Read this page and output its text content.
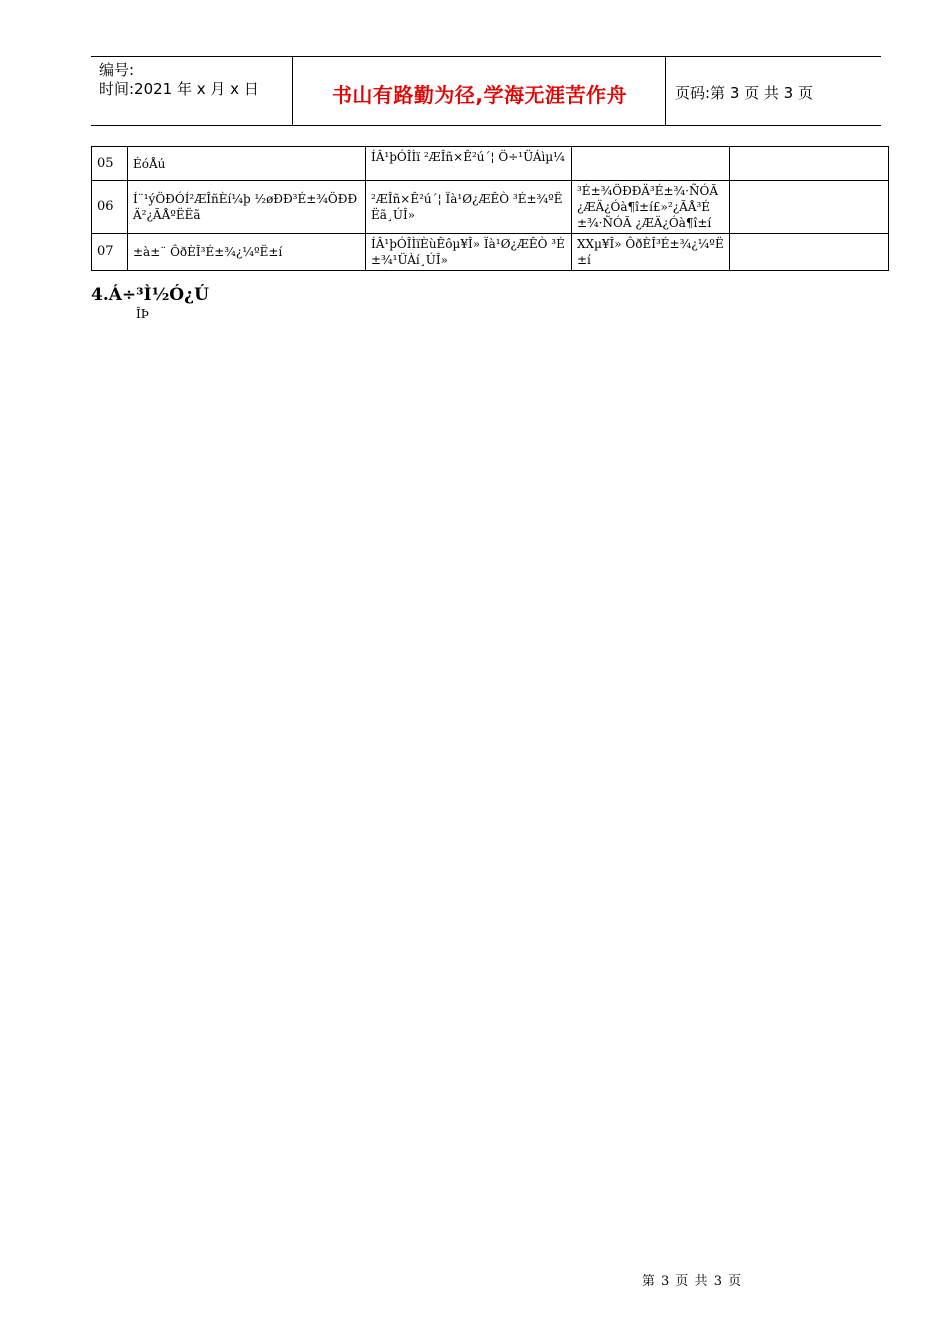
编号:
时间:2021 年 x 月 x 日	书山有路勤为径,学海无涯苦作舟	页码:第 3 页 共 3 页
05	ÉóÅú	ÍÂ¹þÓÎÌï ²ÆÎñ×Ê²ú´¦ Ö÷¹ÜÁìµ¼		
06	Í¨¹ýÖÐÓÍ²ÆÎñÈí¼þ ½øÐÐ³É±¾ÖÐÐÄ²¿ÃÅºËËã	²ÆÎñ×Ê²ú´¦ Ïà¹Ø¿ÆÊÒ ³É±¾ºËËã¸ÚÎ»	³É±¾ÖÐÐÄ³É±¾·ÑÓÃ¿ÆÄ¿Óà¶î±í£»²¿ÃÅ³É±¾·ÑÓÃ ¿ÆÄ¿Óà¶î±í	
07	±à±¨ ÔðÈÎ³É±¾¿¼ºË±í	ÍÂ¹þÓÎÌïÈùÊôµ¥Î» Ïà¹Ø¿ÆÊÒ ³É±¾¹ÜÀí¸ÚÎ»	XXµ¥Î» ÔðÈÎ³É±¾¿¼ºË±í	
4.Á÷³Ì½Ó¿Ú
ÎÞ
第 3 页 共 3 页
